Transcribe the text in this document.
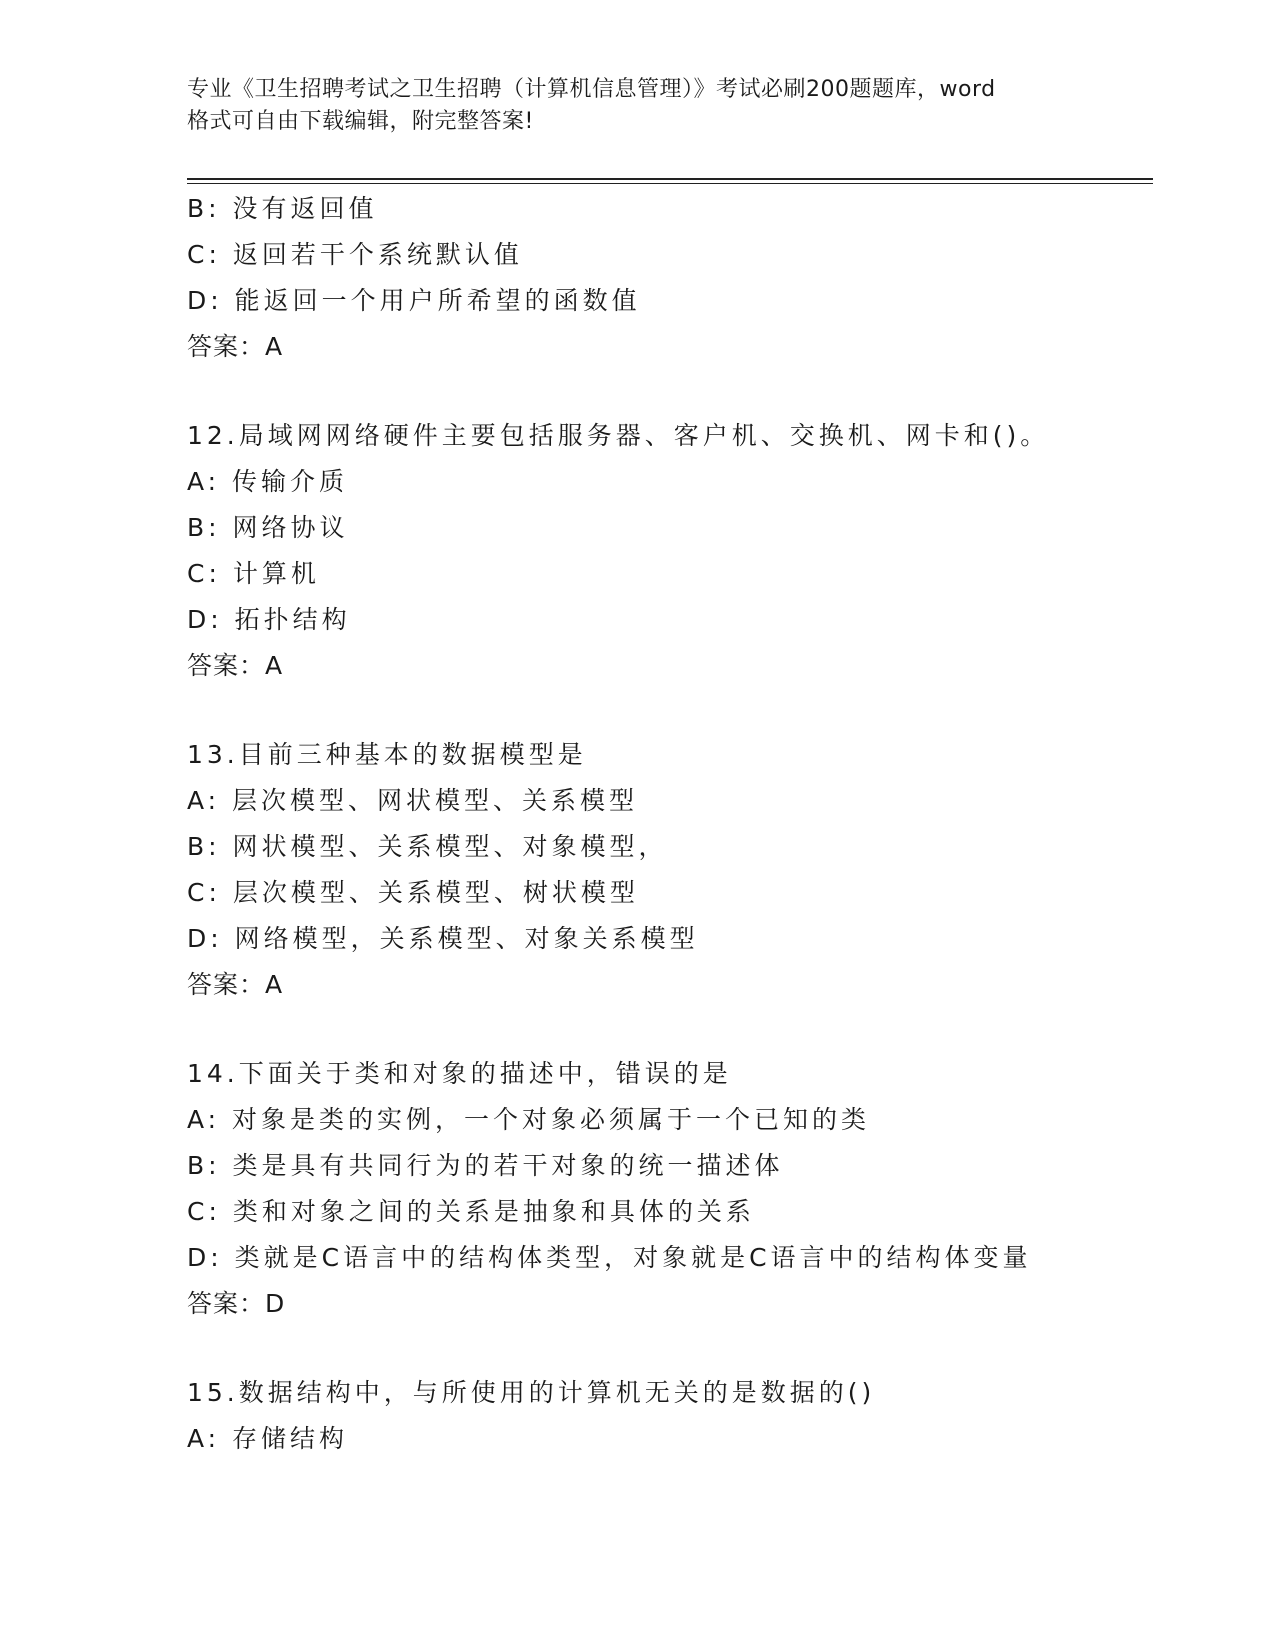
专业《卫生招聘考试之卫生招聘（计算机信息管理）》考试必刷200题题库，word
格式可自由下载编辑，附完整答案!
B: 没有返回值
C: 返回若干个系统默认值
D: 能返回一个用户所希望的函数值
答案：A
12.局域网网络硬件主要包括服务器、客户机、交换机、网卡和()。
A: 传输介质
B: 网络协议
C: 计算机
D: 拓扑结构
答案：A
13.目前三种基本的数据模型是
A: 层次模型、网状模型、关系模型
B: 网状模型、关系模型、对象模型，
C: 层次模型、关系模型、树状模型
D: 网络模型，关系模型、对象关系模型
答案：A
14.下面关于类和对象的描述中，错误的是
A: 对象是类的实例，一个对象必须属于一个已知的类
B: 类是具有共同行为的若干对象的统一描述体
C: 类和对象之间的关系是抽象和具体的关系
D: 类就是C语言中的结构体类型，对象就是C语言中的结构体变量
答案：D
15.数据结构中，与所使用的计算机无关的是数据的()
A: 存储结构
